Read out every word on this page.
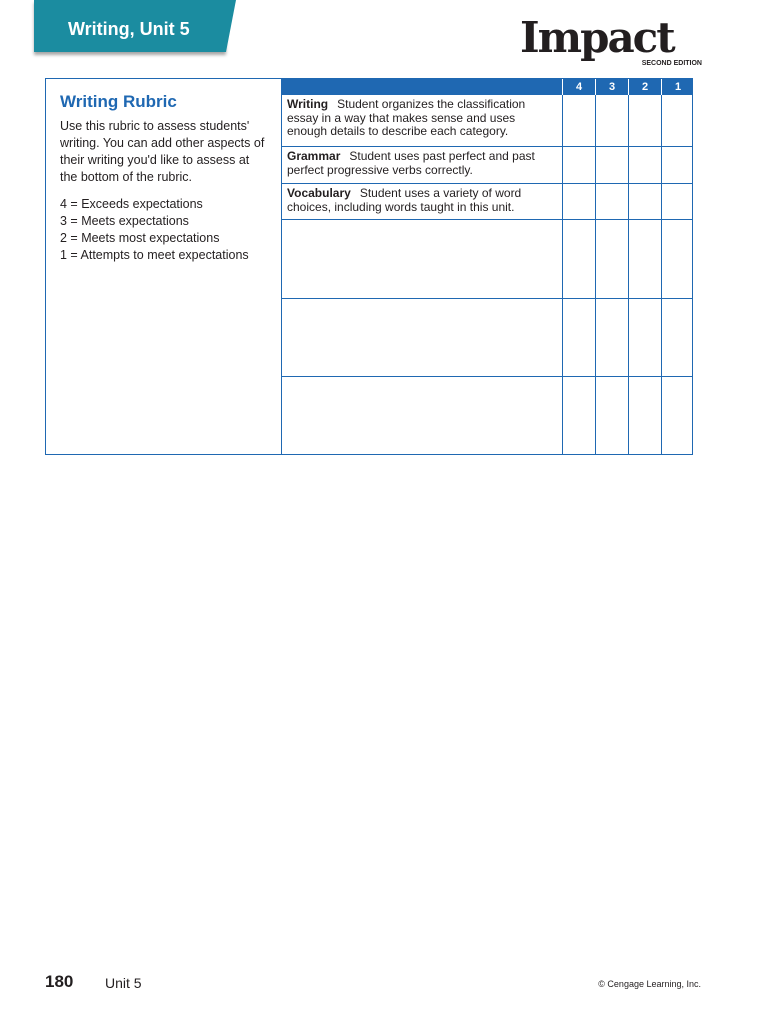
Writing, Unit 5	Impact
SECOND EDITION
Writing Rubric
Use this rubric to assess students' writing. You can add other aspects of their writing you'd like to assess at the bottom of the rubric.
4 = Exceeds expectations
3 = Meets expectations
2 = Meets most expectations
1 = Attempts to meet expectations
4	3	2	1
Writing Student organizes the classification essay in a way that makes sense and uses enough details to describe each category.
Grammar Student uses past perfect and past perfect progressive verbs correctly.
Vocabulary Student uses a variety of word choices, including words taught in this unit.
180 Unit 5	© Cengage Learning, Inc.
